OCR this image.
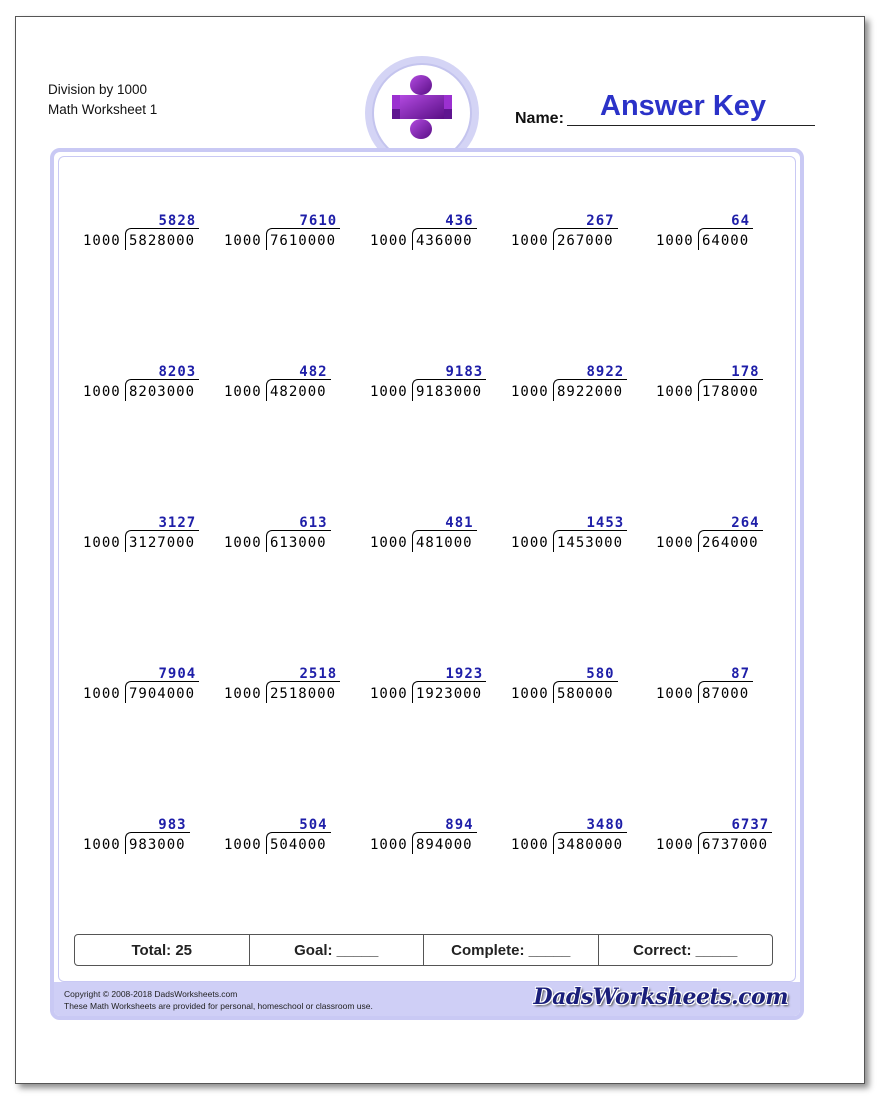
Division by 1000
Math Worksheet 1
Name: Answer Key
Copyright © 2008-2018 DadsWorksheets.com
These Math Worksheets are provided for personal, homeschool or classroom use.	DadsWorksheets.com
5828
1000 5828000
7610
1000 7610000
436
1000 436000
267
1000 267000
64
1000 64000
8203
1000 8203000
482
1000 482000
9183
1000 9183000
8922
1000 8922000
178
1000 178000
3127
1000 3127000
613
1000 613000
481
1000 481000
1453
1000 1453000
264
1000 264000
7904
1000 7904000
2518
1000 2518000
1923
1000 1923000
580
1000 580000
87
1000 87000
983
1000 983000
504
1000 504000
894
1000 894000
3480
1000 3480000
6737
1000 6737000
Total: 25	Goal: _____	Complete: _____	Correct: _____
